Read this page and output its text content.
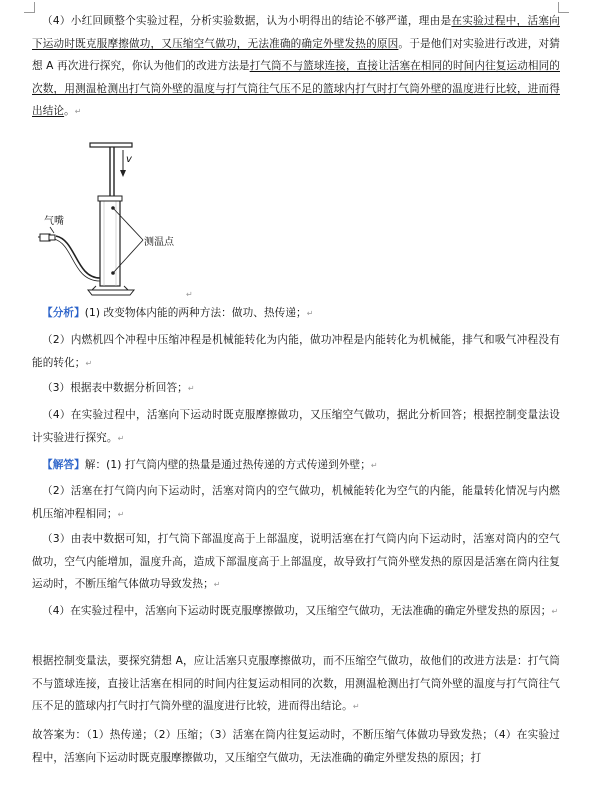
（4）小红回顾整个实验过程，分析实验数据，认为小明得出的结论不够严谨，理由是在实验过程中，活塞向下运动时既克服摩擦做功，又压缩空气做功，无法准确的确定外壁发热的原因。于是他们对实验进行改进，对猜想 A 再次进行探究，你认为他们的改进方法是打气筒不与篮球连接，直接让活塞在相同的时间内往复运动相同的次数，用测温枪测出打气筒外壁的温度与打气筒往气压不足的篮球内打气时打气筒外壁的温度进行比较，进而得出结论。↵
v
气嘴
测温点
↵
【分析】(1) 改变物体内能的两种方法：做功、热传递；↵
（2）内燃机四个冲程中压缩冲程是机械能转化为内能，做功冲程是内能转化为机械能，排气和吸气冲程没有能的转化；↵
（3）根据表中数据分析回答；↵
（4）在实验过程中，活塞向下运动时既克服摩擦做功，又压缩空气做功，据此分析回答；根据控制变量法设计实验进行探究。↵
【解答】解：(1) 打气筒内壁的热量是通过热传递的方式传递到外壁；↵
（2）活塞在打气筒内向下运动时，活塞对筒内的空气做功，机械能转化为空气的内能，能量转化情况与内燃机压缩冲程相同；↵
（3）由表中数据可知，打气筒下部温度高于上部温度，说明活塞在打气筒内向下运动时，活塞对筒内的空气做功，空气内能增加，温度升高，造成下部温度高于上部温度，故导致打气筒外壁发热的原因是活塞在筒内往复运动时，不断压缩气体做功导致发热；↵
（4）在实验过程中，活塞向下运动时既克服摩擦做功，又压缩空气做功，无法准确的确定外壁发热的原因；↵
根据控制变量法，要探究猜想 A，应让活塞只克服摩擦做功，而不压缩空气做功，故他们的改进方法是：打气筒不与篮球连接，直接让活塞在相同的时间内往复运动相同的次数，用测温枪测出打气筒外壁的温度与打气筒往气压不足的篮球内打气时打气筒外壁的温度进行比较，进而得出结论。↵
故答案为：（1）热传递；（2）压缩；（3）活塞在筒内往复运动时，不断压缩气体做功导致发热；（4）在实验过程中，活塞向下运动时既克服摩擦做功，又压缩空气做功，无法准确的确定外壁发热的原因；打
